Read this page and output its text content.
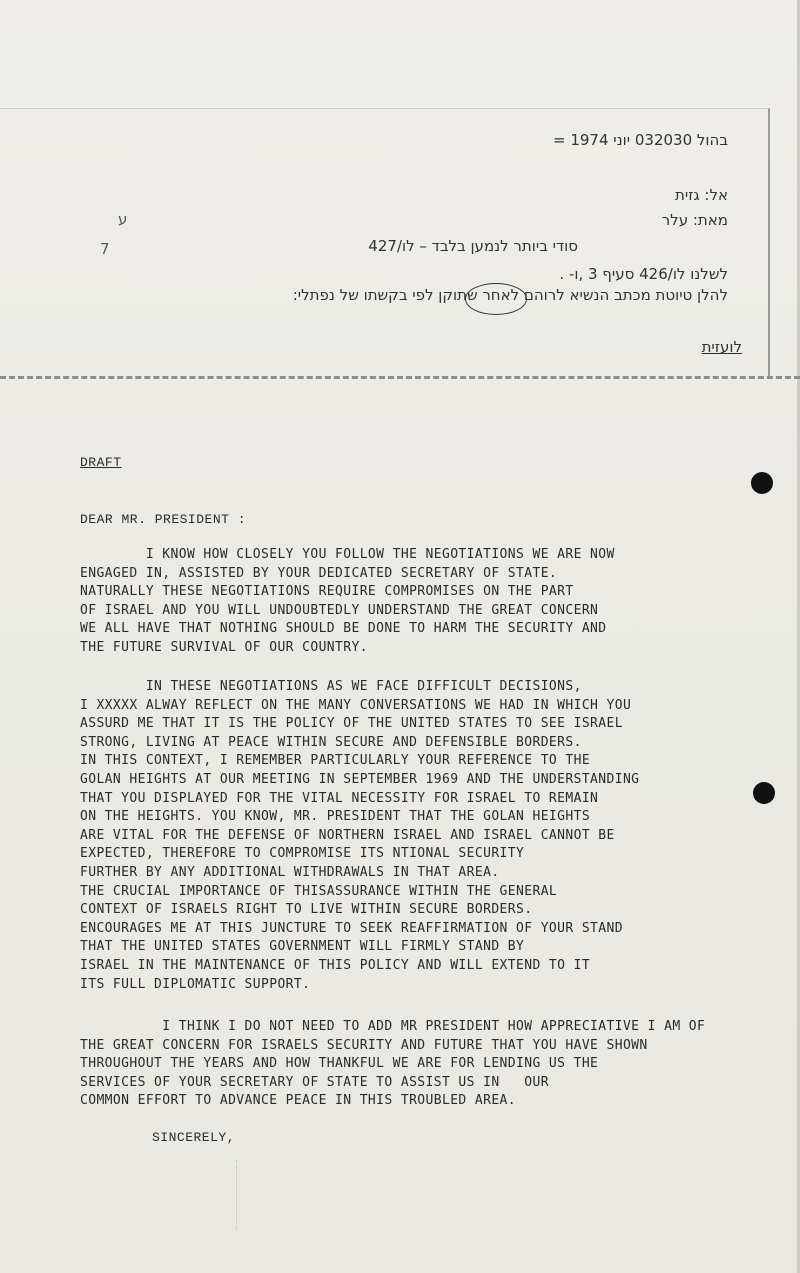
בהול 032030 יוני 1974 =
אל: גזית
מאת: עלר
סודי ביותר לנמען בלבד – לו/427
לשלנו לו/426 סעיף 3 ,ו- .
להלן טיוטת מכתב הנשיא לרוהם לאחר שתוקן לפי בקשתו של נפתלי:
לועזית
ע
7
DRAFT
DEAR MR. PRESIDENT :
I KNOW HOW CLOSELY YOU FOLLOW THE NEGOTIATIONS WE ARE NOW
ENGAGED IN, ASSISTED BY YOUR DEDICATED SECRETARY OF STATE.
NATURALLY THESE NEGOTIATIONS REQUIRE COMPROMISES ON THE PART
OF ISRAEL AND YOU WILL UNDOUBTEDLY UNDERSTAND THE GREAT CONCERN
WE ALL HAVE THAT NOTHING SHOULD BE DONE TO HARM THE SECURITY AND
THE FUTURE SURVIVAL OF OUR COUNTRY.
IN THESE NEGOTIATIONS AS WE FACE DIFFICULT DECISIONS,
I XXXXX ALWAY REFLECT ON THE MANY CONVERSATIONS WE HAD IN WHICH YOU
ASSURD ME THAT IT IS THE POLICY OF THE UNITED STATES TO SEE ISRAEL
STRONG, LIVING AT PEACE WITHIN SECURE AND DEFENSIBLE BORDERS.
IN THIS CONTEXT, I REMEMBER PARTICULARLY YOUR REFERENCE TO THE
GOLAN HEIGHTS AT OUR MEETING IN SEPTEMBER 1969 AND THE UNDERSTANDING
THAT YOU DISPLAYED FOR THE VITAL NECESSITY FOR ISRAEL TO REMAIN
ON THE HEIGHTS. YOU KNOW, MR. PRESIDENT THAT THE GOLAN HEIGHTS
ARE VITAL FOR THE DEFENSE OF NORTHERN ISRAEL AND ISRAEL CANNOT BE
EXPECTED, THEREFORE TO COMPROMISE ITS NTIONAL SECURITY
FURTHER BY ANY ADDITIONAL WITHDRAWALS IN THAT AREA.
THE CRUCIAL IMPORTANCE OF THISASSURANCE WITHIN THE GENERAL
CONTEXT OF ISRAELS RIGHT TO LIVE WITHIN SECURE BORDERS.
ENCOURAGES ME AT THIS JUNCTURE TO SEEK REAFFIRMATION OF YOUR STAND
THAT THE UNITED STATES GOVERNMENT WILL FIRMLY STAND BY
ISRAEL IN THE MAINTENANCE OF THIS POLICY AND WILL EXTEND TO IT
ITS FULL DIPLOMATIC SUPPORT.
I THINK I DO NOT NEED TO ADD MR PRESIDENT HOW APPRECIATIVE I AM OF
THE GREAT CONCERN FOR ISRAELS SECURITY AND FUTURE THAT YOU HAVE SHOWN
THROUGHOUT THE YEARS AND HOW THANKFUL WE ARE FOR LENDING US THE
SERVICES OF YOUR SECRETARY OF STATE TO ASSIST US IN   OUR
COMMON EFFORT TO ADVANCE PEACE IN THIS TROUBLED AREA.
SINCERELY,
